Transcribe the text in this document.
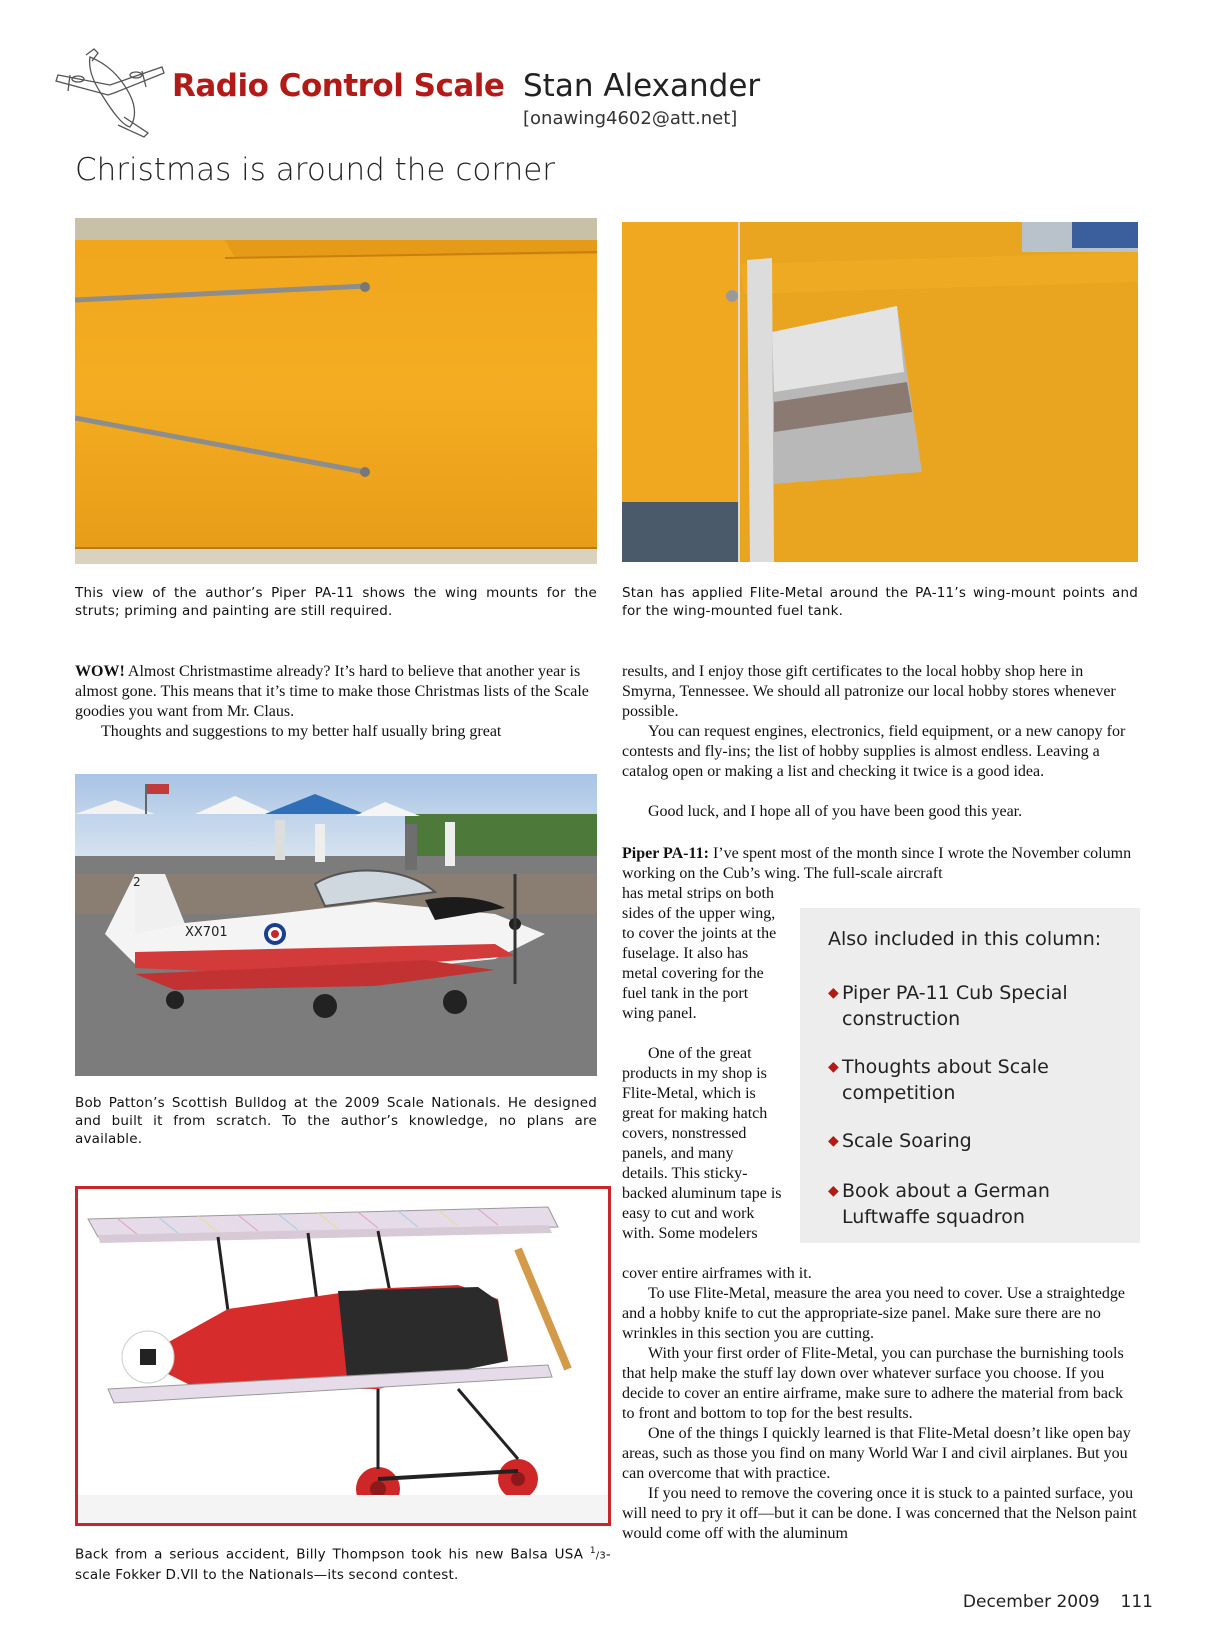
Radio Control Scale Stan Alexander
[onawing4602@att.net]
Christmas is around the corner
This view of the author’s Piper PA-11 shows the wing mounts for the struts; priming and painting are still required.
Stan has applied Flite-Metal around the PA-11’s wing-mount points and for the wing-mounted fuel tank.

WOW! Almost Christmastime already? It’s hard to believe that another year is almost gone. This means that it’s time to make those Christmas lists of the Scale goodies you want from Mr. Claus.

Thoughts and suggestions to my better half usually bring great

XX701
2
Bob Patton’s Scottish Bulldog at the 2009 Scale Nationals. He designed and built it from scratch. To the author’s knowledge, no plans are available.
Back from a serious accident, Billy Thompson took his new Balsa USA $^1$/3-scale Fokker D.VII to the Nationals—its second contest.

results, and I enjoy those gift certificates to the local hobby shop here in Smyrna, Tennessee. We should all patronize our local hobby stores whenever possible.

You can request engines, electronics, field equipment, or a new canopy for contests and fly-ins; the list of hobby supplies is almost endless. Leaving a catalog open or making a list and checking it twice is a good idea.

Good luck, and I hope all of you have been good this year.

Piper PA-11: I’ve spent most of the month since I wrote the November column working on the Cub’s wing. The full-scale aircraft

has metal strips on both sides of the upper wing, to cover the joints at the fuselage. It also has metal covering for the fuel tank in the port wing panel.

One of the great products in my shop is Flite-Metal, which is great for making hatch covers, nonstressed panels, and many details. This sticky-backed aluminum tape is easy to cut and work with. Some modelers

cover entire airframes with it.

To use Flite-Metal, measure the area you need to cover. Use a straightedge and a hobby knife to cut the appropriate-size panel. Make sure there are no wrinkles in this section you are cutting.

With your first order of Flite-Metal, you can purchase the burnishing tools that help make the stuff lay down over whatever surface you choose. If you decide to cover an entire airframe, make sure to adhere the material from back to front and bottom to top for the best results.

One of the things I quickly learned is that Flite-Metal doesn’t like open bay areas, such as those you find on many World War I and civil airplanes. But you can overcome that with practice.

If you need to remove the covering once it is stuck to a painted surface, you will need to pry it off—but it can be done. I was concerned that the Nelson paint would come off with the aluminum

Also included in this column:
◆ Piper PA-11 Cub Special construction
◆ Thoughts about Scale competition
◆ Scale Soaring
◆ Book about a German Luftwaffe squadron
December 2009 111
